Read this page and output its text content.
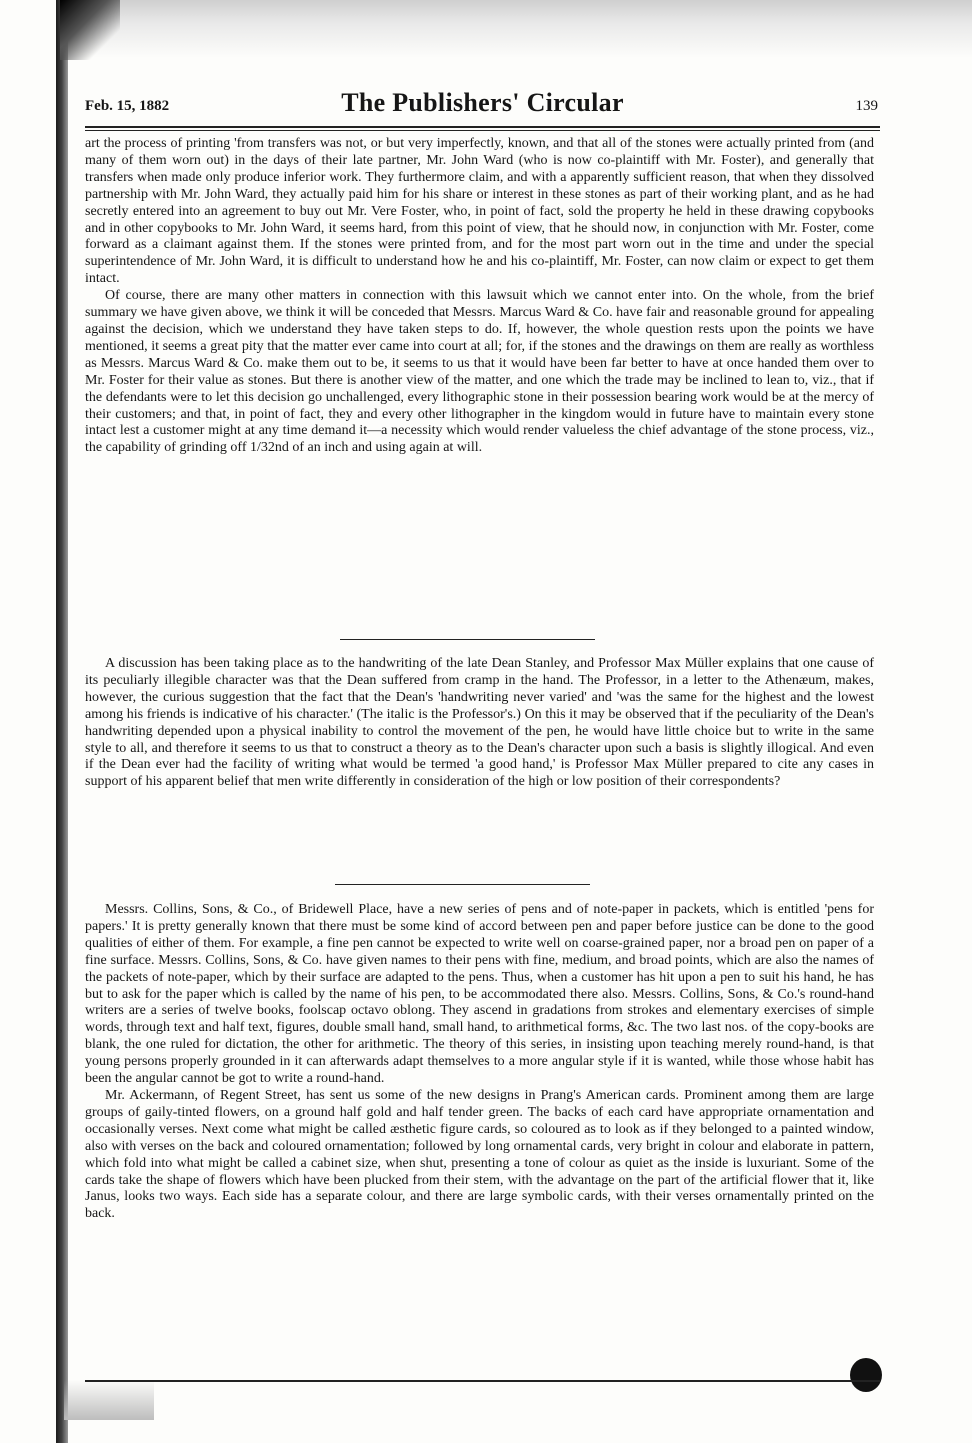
Feb. 15, 1882	The Publishers' Circular	139

art the process of printing 'from transfers was not, or but very imperfectly, known, and that all of the stones were actually printed from (and many of them worn out) in the days of their late partner, Mr. John Ward (who is now co-plaintiff with Mr. Foster), and generally that transfers when made only produce inferior work. They furthermore claim, and with a apparently sufficient reason, that when they dissolved partnership with Mr. John Ward, they actually paid him for his share or interest in these stones as part of their working plant, and as he had secretly entered into an agreement to buy out Mr. Vere Foster, who, in point of fact, sold the property he held in these drawing copybooks and in other copybooks to Mr. John Ward, it seems hard, from this point of view, that he should now, in conjunction with Mr. Foster, come forward as a claimant against them. If the stones were printed from, and for the most part worn out in the time and under the special superintendence of Mr. John Ward, it is difficult to understand how he and his co-plaintiff, Mr. Foster, can now claim or expect to get them intact.

Of course, there are many other matters in connection with this lawsuit which we cannot enter into. On the whole, from the brief summary we have given above, we think it will be conceded that Messrs. Marcus Ward & Co. have fair and reasonable ground for appealing against the decision, which we understand they have taken steps to do. If, however, the whole question rests upon the points we have mentioned, it seems a great pity that the matter ever came into court at all; for, if the stones and the drawings on them are really as worthless as Messrs. Marcus Ward & Co. make them out to be, it seems to us that it would have been far better to have at once handed them over to Mr. Foster for their value as stones. But there is another view of the matter, and one which the trade may be inclined to lean to, viz., that if the defendants were to let this decision go unchallenged, every lithographic stone in their possession bearing work would be at the mercy of their customers; and that, in point of fact, they and every other lithographer in the kingdom would in future have to maintain every stone intact lest a customer might at any time demand it—a necessity which would render valueless the chief advantage of the stone process, viz., the capability of grinding off 1/32nd of an inch and using again at will.

A discussion has been taking place as to the handwriting of the late Dean Stanley, and Professor Max Müller explains that one cause of its peculiarly illegible character was that the Dean suffered from cramp in the hand. The Professor, in a letter to the Athenæum, makes, however, the curious suggestion that the fact that the Dean's 'handwriting never varied' and 'was the same for the highest and the lowest among his friends is indicative of his character.' (The italic is the Professor's.) On this it may be observed that if the peculiarity of the Dean's handwriting depended upon a physical inability to control the movement of the pen, he would have little choice but to write in the same style to all, and therefore it seems to us that to construct a theory as to the Dean's character upon such a basis is slightly illogical. And even if the Dean ever had the facility of writing what would be termed 'a good hand,' is Professor Max Müller prepared to cite any cases in support of his apparent belief that men write differently in consideration of the high or low position of their correspondents?

Messrs. Collins, Sons, & Co., of Bridewell Place, have a new series of pens and of note-paper in packets, which is entitled 'pens for papers.' It is pretty generally known that there must be some kind of accord between pen and paper before justice can be done to the good qualities of either of them. For example, a fine pen cannot be expected to write well on coarse-grained paper, nor a broad pen on paper of a fine surface. Messrs. Collins, Sons, & Co. have given names to their pens with fine, medium, and broad points, which are also the names of the packets of note-paper, which by their surface are adapted to the pens. Thus, when a customer has hit upon a pen to suit his hand, he has but to ask for the paper which is called by the name of his pen, to be accommodated there also. Messrs. Collins, Sons, & Co.'s round-hand writers are a series of twelve books, foolscap octavo oblong. They ascend in gradations from strokes and elementary exercises of simple words, through text and half text, figures, double small hand, small hand, to arithmetical forms, &c. The two last nos. of the copy-books are blank, the one ruled for dictation, the other for arithmetic. The theory of this series, in insisting upon teaching merely round-hand, is that young persons properly grounded in it can afterwards adapt themselves to a more angular style if it is wanted, while those whose habit has been the angular cannot be got to write a round-hand.

Mr. Ackermann, of Regent Street, has sent us some of the new designs in Prang's American cards. Prominent among them are large groups of gaily-tinted flowers, on a ground half gold and half tender green. The backs of each card have appropriate ornamentation and occasionally verses. Next come what might be called æsthetic figure cards, so coloured as to look as if they belonged to a painted window, also with verses on the back and coloured ornamentation; followed by long ornamental cards, very bright in colour and elaborate in pattern, which fold into what might be called a cabinet size, when shut, presenting a tone of colour as quiet as the inside is luxuriant. Some of the cards take the shape of flowers which have been plucked from their stem, with the advantage on the part of the artificial flower that it, like Janus, looks two ways. Each side has a separate colour, and there are large symbolic cards, with their verses ornamentally printed on the back.
